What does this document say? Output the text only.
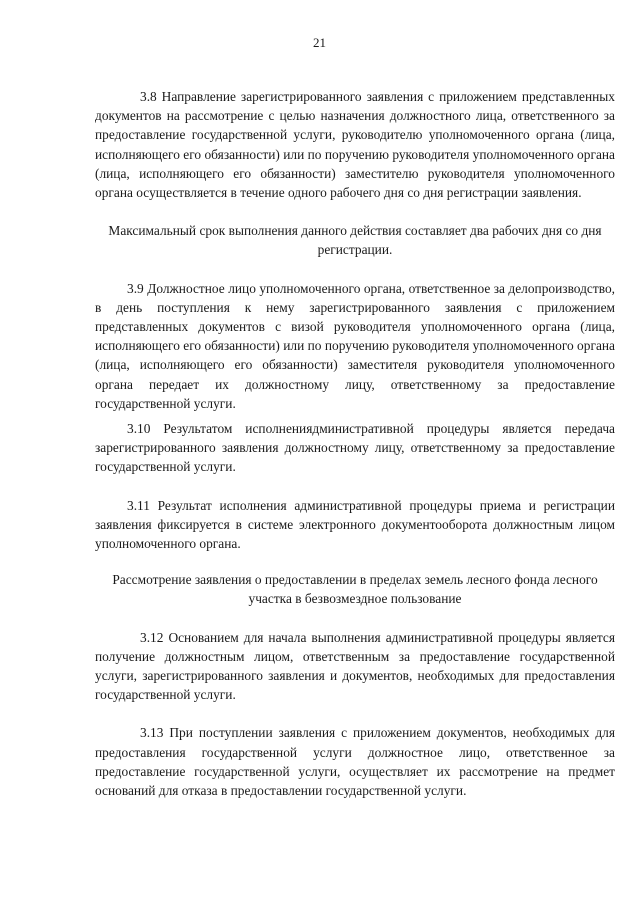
21

3.8 Направление зарегистрированного заявления с приложением представленных документов на рассмотрение с целью назначения должностного лица, ответственного за предоставление государственной услуги, руководителю уполномоченного органа (лица, исполняющего его обязанности) или по поручению руководителя уполномоченного органа (лица, исполняющего его обязанности) заместителю руководителя уполномоченного органа осуществляется в течение одного рабочего дня со дня регистрации заявления.

Максимальный срок выполнения данного действия составляет два рабочих дня со дня регистрации.

3.9 Должностное лицо уполномоченного органа, ответственное за делопроизводство, в день поступления к нему зарегистрированного заявления с приложением представленных документов с визой руководителя уполномоченного органа (лица, исполняющего его обязанности) или по поручению руководителя уполномоченного органа (лица, исполняющего его обязанности) заместителя руководителя уполномоченного органа передает их должностному лицу, ответственному за предоставление государственной услуги.

3.10 Результатом исполнениядминистративной процедуры является передача зарегистрированного заявления должностному лицу, ответственному за предоставление государственной услуги.

3.11 Результат исполнения административной процедуры приема и регистрации заявления фиксируется в системе электронного документооборота должностным лицом уполномоченного органа.

Рассмотрение заявления о предоставлении в пределах земель лесного фонда лесного участка в безвозмездное пользование

3.12 Основанием для начала выполнения административной процедуры является получение должностным лицом, ответственным за предоставление государственной услуги, зарегистрированного заявления и документов, необходимых для предоставления государственной услуги.

3.13 При поступлении заявления с приложением документов, необходимых для предоставления государственной услуги должностное лицо, ответственное за предоставление государственной услуги, осуществляет их рассмотрение на предмет оснований для отказа в предоставлении государственной услуги.
